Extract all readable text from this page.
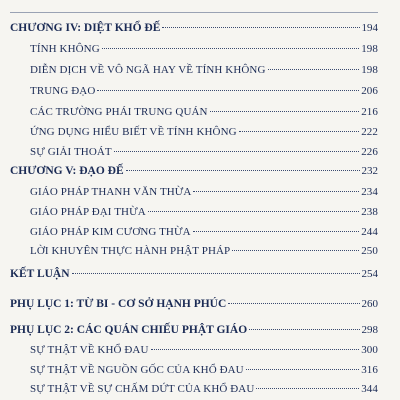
CHƯƠNG IV: DIỆT KHỔ ĐẾ	194
TÍNH KHÔNG	198
DIỄN DỊCH VỀ VÔ NGÃ HAY VỀ TÍNH KHÔNG	198
TRUNG ĐẠO	206
CÁC TRƯỜNG PHÁI TRUNG QUÁN	216
ỨNG DỤNG HIỂU BIẾT VỀ TÍNH KHÔNG	222
SỰ GIẢI THOÁT	226
CHƯƠNG V: ĐẠO ĐẾ	232
GIÁO PHÁP THANH VĂN THỪA	234
GIÁO PHÁP ĐẠI THỪA	238
GIÁO PHÁP KIM CƯƠNG THỪA	244
LỜI KHUYÊN THỰC HÀNH PHẬT PHÁP	250
KẾT LUẬN	254
PHỤ LỤC 1: TỪ BI - CƠ SỞ HẠNH PHÚC	260
PHỤ LỤC 2: CÁC QUÁN CHIẾU PHẬT GIÁO	298
SỰ THẬT VỀ KHỔ ĐAU	300
SỰ THẬT VỀ NGUỒN GỐC CỦA KHỔ ĐAU	316
SỰ THẬT VỀ SỰ CHẤM DỨT CỦA KHỔ ĐAU	344
